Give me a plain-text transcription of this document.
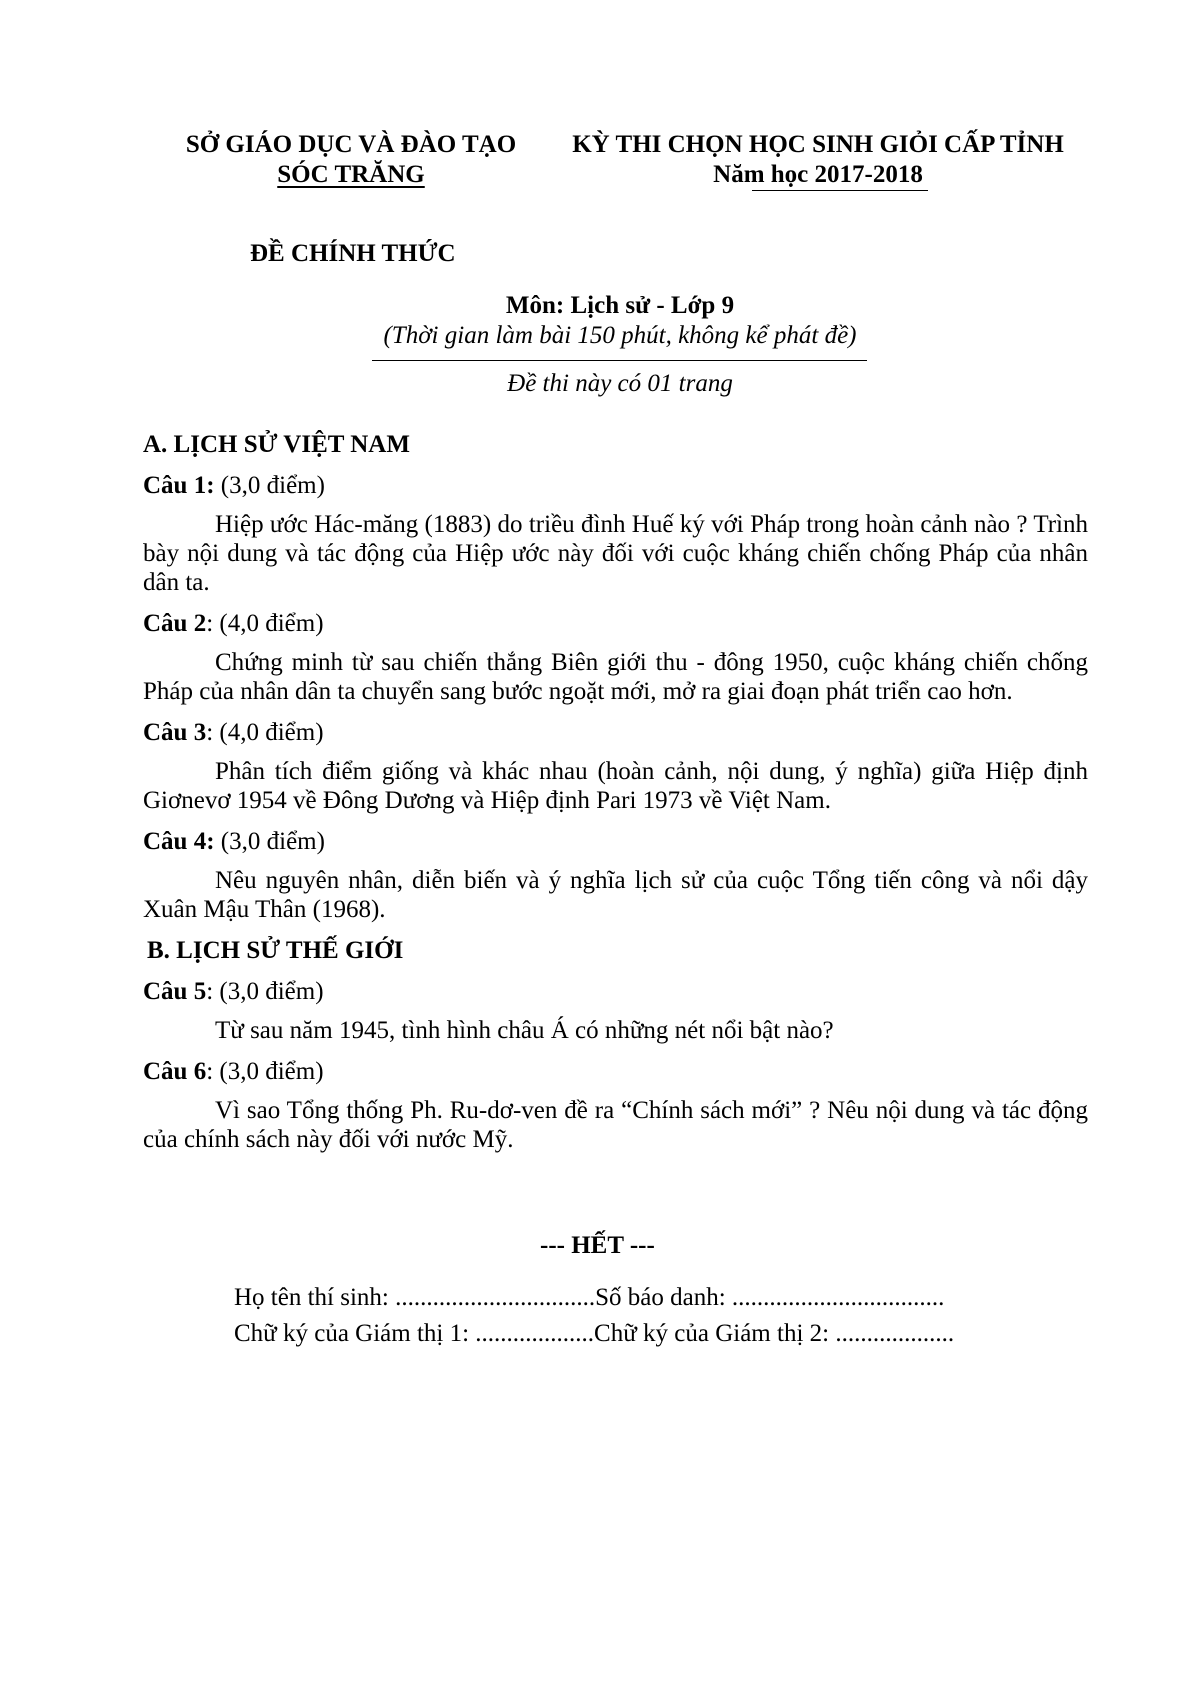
SỞ GIÁO DỤC VÀ ĐÀO TẠO
SÓC TRĂNG
KỲ THI CHỌN HỌC SINH GIỎI CẤP TỈNH
Năm học 2017-2018
ĐỀ CHÍNH THỨC
Môn: Lịch sử - Lớp 9
(Thời gian làm bài 150 phút, không kể phát đề)
Đề thi này có 01 trang
A. LỊCH SỬ VIỆT NAM
Câu 1: (3,0 điểm)
Hiệp ước Hác-măng (1883) do triều đình Huế ký với Pháp trong hoàn cảnh nào ? Trình bày nội dung và tác động của Hiệp ước này đối với cuộc kháng chiến chống Pháp của nhân dân ta.
Câu 2: (4,0 điểm)
Chứng minh từ sau chiến thắng Biên giới thu - đông 1950, cuộc kháng chiến chống Pháp của nhân dân ta chuyển sang bước ngoặt mới, mở ra giai đoạn phát triển cao hơn.
Câu 3: (4,0 điểm)
Phân tích điểm giống và khác nhau (hoàn cảnh, nội dung, ý nghĩa) giữa Hiệp định Giơnevơ 1954 về Đông Dương và Hiệp định Pari 1973 về Việt Nam.
Câu 4: (3,0 điểm)
Nêu nguyên nhân, diễn biến và ý nghĩa lịch sử của cuộc Tổng tiến công và nổi dậy Xuân Mậu Thân (1968).
B. LỊCH SỬ THẾ GIỚI
Câu 5: (3,0 điểm)
Từ sau năm 1945, tình hình châu Á có những nét nổi bật nào?
Câu 6: (3,0 điểm)
Vì sao Tổng thống Ph. Ru-dơ-ven đề ra “Chính sách mới” ? Nêu nội dung và tác động của chính sách này đối với nước Mỹ.
--- HẾT ---
Họ tên thí sinh: ................................Số báo danh: ..................................
Chữ ký của Giám thị 1: ...................Chữ ký của Giám thị 2: ...................
